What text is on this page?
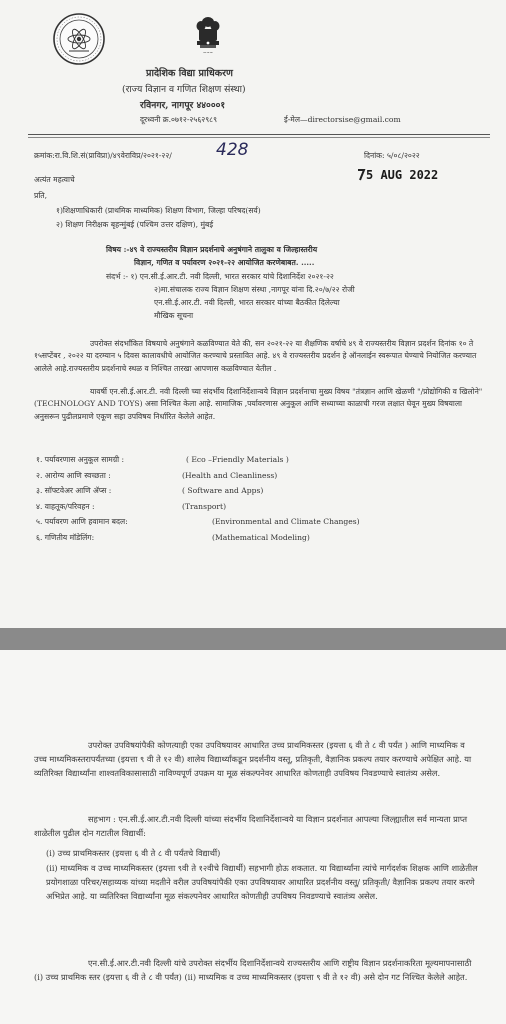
~~~
प्रादेशिक विद्या प्राधिकरण
(राज्य विज्ञान व गणित शिक्षण संस्था)
रविनगर, नागपूर ४४०००१
दूरध्वनी क्र.०७१२-२५६२९८९	ई-मेल—directorsise@gmail.com
क्रमांक:रा.वि.शि.सं(प्राविप्रा)/४९वेराविप्र/२०२१-२२/	428	दिनांक: ५/०८/२०२२
5 AUG 2022
अत्यंत महत्वाचे
प्रति,
१)शिक्षणाधिकारी (प्राथमिक माध्यमिक) शिक्षण विभाग, जिल्हा परिषद(सर्व)
२) शिक्षण निरीक्षक बृहन्मुंबई (पश्चिम उत्तर दक्षिण), मुंबई
विषय :-४९ वे राज्यस्तरीय विज्ञान प्रदर्शनाचे अनुषंगाने तालुका व जिल्हास्तरीय
विज्ञान, गणित व पर्यावरण २०२१-२२ आयोजित करणेबाबत. .....
संदर्भ :- १) एन.सी.ई.आर.टी. नवी दिल्ली, भारत सरकार यांचे दिशानिर्देश २०२१-२२
२)मा.संचालक राज्य विज्ञान शिक्षण संस्था ,नागपूर यांना दि.२०/७/२२ रोजी
एन.सी.ई.आर.टी. नवी दिल्ली, भारत सरकार यांच्या बैठकीत दिलेल्या
मौखिक सूचना
उपरोक्त संदर्भांकित विषयाचे अनुषंगाने कळविण्यात येते की, सन २०२१-२२ या शैक्षणिक वर्षाचे ४९ वे राज्यस्तरीय विज्ञान प्रदर्शन दिनांक १० ते १५सप्टेंबर , २०२२ या दरम्यान ५ दिवस कालावधीचे आयोजित करण्याचे प्रस्तावित आहे. ४९ वे राज्यस्तरीय प्रदर्शन हे ऑनलाईन स्वरूपात घेण्याचे नियोजित करण्यात आलेले आहे.राज्यस्तरीय प्रदर्शनाचे स्थळ व निश्चित तारखा आपणास कळविण्यात येतील .
यावर्षी एन.सी.ई.आर.टी. नवी दिल्ली च्या संदर्भीय दिशानिर्देशान्वये विज्ञान प्रदर्शनाचा मुख्य विषय "तंत्रज्ञान आणि खेळणी "/प्रोद्योगिकी व खिलोने"(TECHNOLOGY AND TOYS) असा निश्चित केला आहे. सामाजिक ,पर्यावरणास अनुकूल आणि सध्याच्या काळाची गरज लक्षात घेवून मुख्य विषयाला अनुसरून पुढीलप्रमाणे एकूण सहा उपविषय निर्धारित केलेले आहेत.
१. पर्यावरणास अनुकूल सामग्री :	( Eco –Friendly Materials )
२. आरोग्य आणि स्वच्छता :	(Health and Cleanliness)
३. सॉफ्टवेअर आणि ॲप्स :	( Software and Apps)
४. वाहतूक/परिवहन :	(Transport)
५. पर्यावरण आणि हवामान बदल:	(Environmental and Climate Changes)
६. गणितीय मॉडेलिंग:	(Mathematical Modeling)
उपरोक्त उपविषयांपैकी कोणत्याही एका उपविषयावर आधारित उच्च प्राथमिकस्तर (इयत्ता ६ वी ते ८ वी पर्यंत ) आणि माध्यमिक व उच्च माध्यमिकस्तरापर्यंतच्या (इयत्ता ९ वी ते १२ वी) शालेय विद्यार्थ्यांकडून प्रदर्शनीय वस्तू, प्रतिकृती, वैज्ञानिक प्रकल्प तयार करण्याचे अपेक्षित आहे. या व्यतिरिक्त विद्यार्थ्यांना शाश्वतविकासासाठी नाविण्यपूर्ण उपक्रम या मूळ संकल्पनेवर आधारित कोणताही उपविषय निवडण्याचे स्वातंत्र्य असेल.
सहभाग : एन.सी.ई.आर.टी.नवी दिल्ली यांच्या संदर्भीय दिशानिर्देशान्वये या विज्ञान प्रदर्शनात आपल्या जिल्ह्यातील सर्व मान्यता प्राप्त शाळेतील पुढील दोन गटातील विद्यार्थी:
(i) उच्च प्राथमिकस्तर (इयत्ता ६ वी ते ८ वी पर्यंतचे विद्यार्थी)
(ii) माध्यमिक व उच्च माध्यमिकस्तर (इयत्ता ९वी ते १२वीचे विद्यार्थी) सहभागी होऊ शकतात. या विद्यार्थ्यांना त्यांचे मार्गदर्शक शिक्षक आणि शाळेतील प्रयोगशाळा परिचर/सहाय्यक यांच्या मदतीने वरील उपविषयांपैकी एका उपविषयावर आधारित प्रदर्शनीय वस्तू/ प्रतिकृती/ वैज्ञानिक प्रकल्प तयार करणे अभिप्रेत आहे. या व्यतिरिक्त विद्यार्थ्यांना मूळ संकल्पनेवर आधारित कोणतीही उपविषय निवडण्याचे स्वातंत्र्य असेल.
एन.सी.ई.आर.टी.नवी दिल्ली यांचे उपरोक्त संदर्भीय दिशानिर्देशान्वये राज्यस्तरीय आणि राष्ट्रीय विज्ञान प्रदर्शनाकरिता मूल्यमापनासाठी (i) उच्च प्राथमिक स्तर (इयत्ता ६ वी ते ८ वी पर्यंत) (ii) माध्यमिक व उच्च माध्यमिकस्तर (इयत्ता ९ वी ते १२ वी) असे दोन गट निश्चित केलेले आहेत.
